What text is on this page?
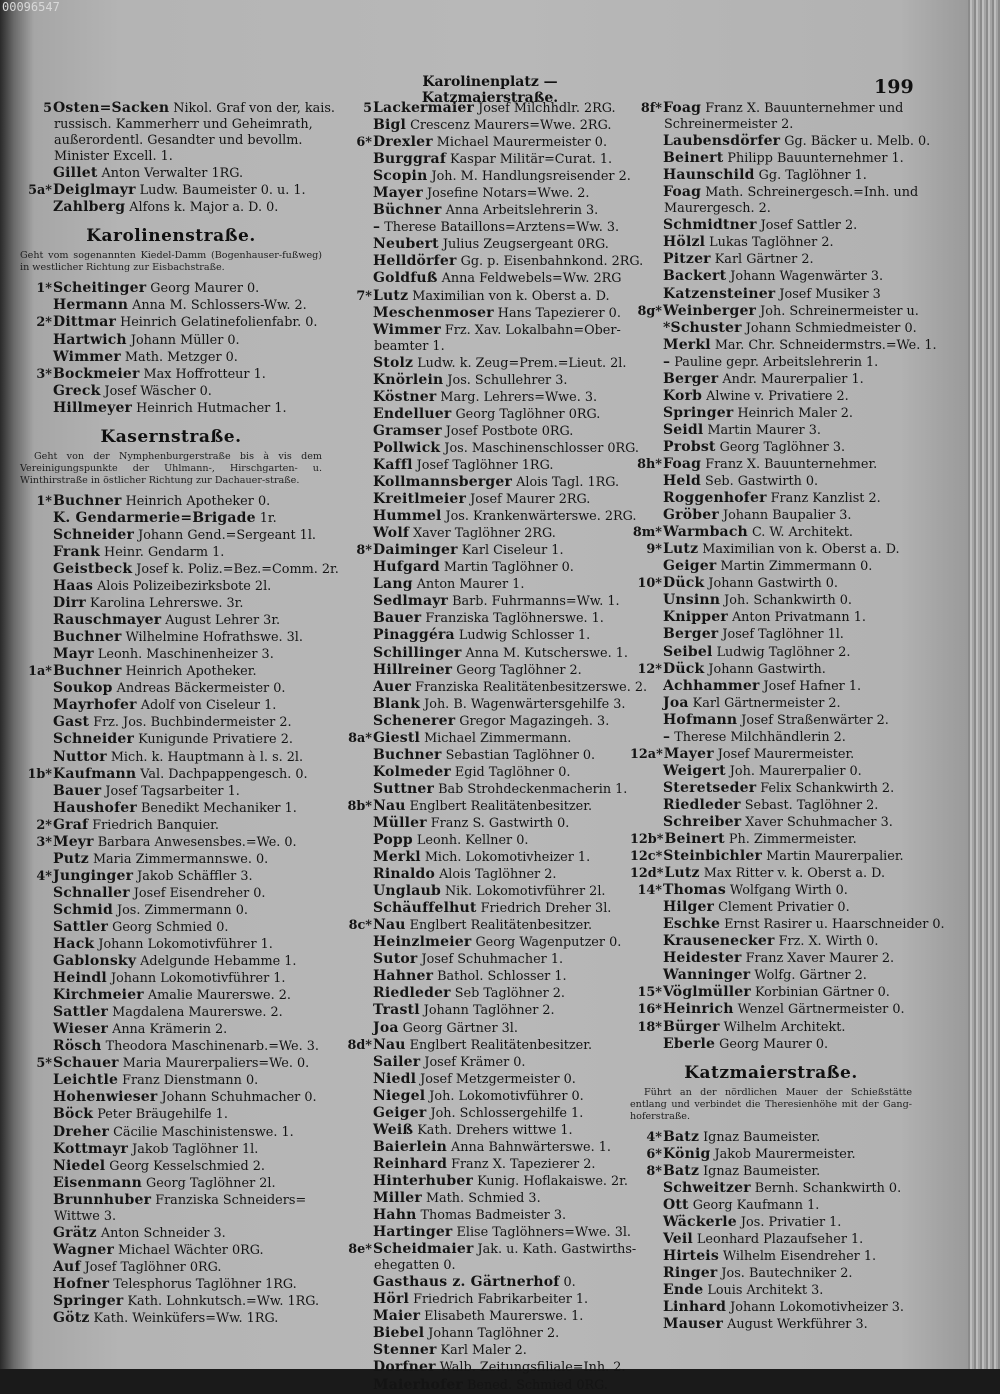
00096547
Karolinenplatz — Katzmaierstraße.	199
5Osten=Sacken Nikol. Graf von der, kais.
russisch. Kammerherr und Geheimrath,
außerordentl. Gesandter und bevollm.
Minister Excell. 1.
Gillet Anton Verwalter 1RG.
5a*Deiglmayr Ludw. Baumeister 0. u. 1.
Zahlberg Alfons k. Major a. D. 0.
Karolinenstraße.
Geht vom sogenannten Kiedel-Damm (Bogenhauser-fußweg) in westlicher Richtung zur Eisbachstraße.
1*Scheitinger Georg Maurer 0.
Hermann Anna M. Schlossers-Ww. 2.
2*Dittmar Heinrich Gelatinefolienfabr. 0.
Hartwich Johann Müller 0.
Wimmer Math. Metzger 0.
3*Bockmeier Max Hoffrotteur 1.
Greck Josef Wäscher 0.
Hillmeyer Heinrich Hutmacher 1.
Kasernstraße.
Geht von der Nymphenburgerstraße bis à vis dem Vereinigungspunkte der Uhlmann-, Hirschgarten- u. Winthirstraße in östlicher Richtung zur Dachauer-straße.
1*Buchner Heinrich Apotheker 0.
K. Gendarmerie=Brigade 1r.
Schneider Johann Gend.=Sergeant 1l.
Frank Heinr. Gendarm 1.
Geistbeck Josef k. Poliz.=Bez.=Comm. 2r.
Haas Alois Polizeibezirksbote 2l.
Dirr Karolina Lehrerswe. 3r.
Rauschmayer August Lehrer 3r.
Buchner Wilhelmine Hofrathswe. 3l.
Mayr Leonh. Maschinenheizer 3.
1a*Buchner Heinrich Apotheker.
Soukop Andreas Bäckermeister 0.
Mayrhofer Adolf von Ciseleur 1.
Gast Frz. Jos. Buchbindermeister 2.
Schneider Kunigunde Privatiere 2.
Nuttor Mich. k. Hauptmann à l. s. 2l.
1b*Kaufmann Val. Dachpappengesch. 0.
Bauer Josef Tagsarbeiter 1.
Haushofer Benedikt Mechaniker 1.
2*Graf Friedrich Banquier.
3*Meyr Barbara Anwesensbes.=We. 0.
Putz Maria Zimmermannswe. 0.
4*Junginger Jakob Schäffler 3.
Schnaller Josef Eisendreher 0.
Schmid Jos. Zimmermann 0.
Sattler Georg Schmied 0.
Hack Johann Lokomotivführer 1.
Gablonsky Adelgunde Hebamme 1.
Heindl Johann Lokomotivführer 1.
Kirchmeier Amalie Maurerswe. 2.
Sattler Magdalena Maurerswe. 2.
Wieser Anna Krämerin 2.
Rösch Theodora Maschinenarb.=We. 3.
5*Schauer Maria Maurerpaliers=We. 0.
Leichtle Franz Dienstmann 0.
Hohenwieser Johann Schuhmacher 0.
Böck Peter Bräugehilfe 1.
Dreher Cäcilie Maschinistenswe. 1.
Kottmayr Jakob Taglöhner 1l.
Niedel Georg Kesselschmied 2.
Eisenmann Georg Taglöhner 2l.
Brunnhuber Franziska Schneiders=
Wittwe 3.
Grätz Anton Schneider 3.
Wagner Michael Wächter 0RG.
Auf Josef Taglöhner 0RG.
Hofner Telesphorus Taglöhner 1RG.
Springer Kath. Lohnkutsch.=Ww. 1RG.
Götz Kath. Weinküfers=Ww. 1RG.
5Lackermaier Josef Milchhdlr. 2RG.
Bigl Crescenz Maurers=Wwe. 2RG.
6*Drexler Michael Maurermeister 0.
Burggraf Kaspar Militär=Curat. 1.
Scopin Joh. M. Handlungsreisender 2.
Mayer Josefine Notars=Wwe. 2.
Büchner Anna Arbeitslehrerin 3.
– Therese Bataillons=Arztens=Ww. 3.
Neubert Julius Zeugsergeant 0RG.
Helldörfer Gg. p. Eisenbahnkond. 2RG.
Goldfuß Anna Feldwebels=Ww. 2RG
7*Lutz Maximilian von k. Oberst a. D.
Meschenmoser Hans Tapezierer 0.
Wimmer Frz. Xav. Lokalbahn=Ober-
beamter 1.
Stolz Ludw. k. Zeug=Prem.=Lieut. 2l.
Knörlein Jos. Schullehrer 3.
Köstner Marg. Lehrers=Wwe. 3.
Endelluer Georg Taglöhner 0RG.
Gramser Josef Postbote 0RG.
Pollwick Jos. Maschinenschlosser 0RG.
Kaffl Josef Taglöhner 1RG.
Kollmannsberger Alois Tagl. 1RG.
Kreitlmeier Josef Maurer 2RG.
Hummel Jos. Krankenwärterswe. 2RG.
Wolf Xaver Taglöhner 2RG.
8*Daiminger Karl Ciseleur 1.
Hufgard Martin Taglöhner 0.
Lang Anton Maurer 1.
Sedlmayr Barb. Fuhrmanns=Ww. 1.
Bauer Franziska Taglöhnerswe. 1.
Pinaggéra Ludwig Schlosser 1.
Schillinger Anna M. Kutscherswe. 1.
Hillreiner Georg Taglöhner 2.
Auer Franziska Realitätenbesitzerswe. 2.
Blank Joh. B. Wagenwärtersgehilfe 3.
Schenerer Gregor Magazingeh. 3.
8a*Giestl Michael Zimmermann.
Buchner Sebastian Taglöhner 0.
Kolmeder Egid Taglöhner 0.
Suttner Bab Strohdeckenmacherin 1.
8b*Nau Englbert Realitätenbesitzer.
Müller Franz S. Gastwirth 0.
Popp Leonh. Kellner 0.
Merkl Mich. Lokomotivheizer 1.
Rinaldo Alois Taglöhner 2.
Unglaub Nik. Lokomotivführer 2l.
Schäuffelhut Friedrich Dreher 3l.
8c*Nau Englbert Realitätenbesitzer.
Heinzlmeier Georg Wagenputzer 0.
Sutor Josef Schuhmacher 1.
Hahner Bathol. Schlosser 1.
Riedleder Seb Taglöhner 2.
Trastl Johann Taglöhner 2.
Joa Georg Gärtner 3l.
8d*Nau Englbert Realitätenbesitzer.
Sailer Josef Krämer 0.
Niedl Josef Metzgermeister 0.
Niegel Joh. Lokomotivführer 0.
Geiger Joh. Schlossergehilfe 1.
Weiß Kath. Drehers wittwe 1.
Baierlein Anna Bahnwärterswe. 1.
Reinhard Franz X. Tapezierer 2.
Hinterhuber Kunig. Hoflakaiswe. 2r.
Miller Math. Schmied 3.
Hahn Thomas Badmeister 3.
Hartinger Elise Taglöhners=Wwe. 3l.
8e*Scheidmaier Jak. u. Kath. Gastwirths-
ehegatten 0.
Gasthaus z. Gärtnerhof 0.
Hörl Friedrich Fabrikarbeiter 1.
Maier Elisabeth Maurerswe. 1.
Biebel Johann Taglöhner 2.
Stenner Karl Maler 2.
Dorfner Walb. Zeitungsfiliale=Inh. 2.
Maierhofer Bened. Schmied 0RG.
8f*Foag Franz X. Bauunternehmer und
Schreinermeister 2.
Laubensdörfer Gg. Bäcker u. Melb. 0.
Beinert Philipp Bauunternehmer 1.
Haunschild Gg. Taglöhner 1.
Foag Math. Schreinergesch.=Inh. und
Maurergesch. 2.
Schmidtner Josef Sattler 2.
Hölzl Lukas Taglöhner 2.
Pitzer Karl Gärtner 2.
Backert Johann Wagenwärter 3.
Katzensteiner Josef Musiker 3
8g*Weinberger Joh. Schreinermeister u.
*Schuster Johann Schmiedmeister 0.
Merkl Mar. Chr. Schneidermstrs.=We. 1.
– Pauline gepr. Arbeitslehrerin 1.
Berger Andr. Maurerpalier 1.
Korb Alwine v. Privatiere 2.
Springer Heinrich Maler 2.
Seidl Martin Maurer 3.
Probst Georg Taglöhner 3.
8h*Foag Franz X. Bauunternehmer.
Held Seb. Gastwirth 0.
Roggenhofer Franz Kanzlist 2.
Gröber Johann Baupalier 3.
8m*Warmbach C. W. Architekt.
9*Lutz Maximilian von k. Oberst a. D.
Geiger Martin Zimmermann 0.
10*Dück Johann Gastwirth 0.
Unsinn Joh. Schankwirth 0.
Knipper Anton Privatmann 1.
Berger Josef Taglöhner 1l.
Seibel Ludwig Taglöhner 2.
12*Dück Johann Gastwirth.
Achhammer Josef Hafner 1.
Joa Karl Gärtnermeister 2.
Hofmann Josef Straßenwärter 2.
– Therese Milchhändlerin 2.
12a*Mayer Josef Maurermeister.
Weigert Joh. Maurerpalier 0.
Steretseder Felix Schankwirth 2.
Riedleder Sebast. Taglöhner 2.
Schreiber Xaver Schuhmacher 3.
12b*Beinert Ph. Zimmermeister.
12c*Steinbichler Martin Maurerpalier.
12d*Lutz Max Ritter v. k. Oberst a. D.
14*Thomas Wolfgang Wirth 0.
Hilger Clement Privatier 0.
Eschke Ernst Rasirer u. Haarschneider 0.
Krausenecker Frz. X. Wirth 0.
Heidester Franz Xaver Maurer 2.
Wanninger Wolfg. Gärtner 2.
15*Vöglmüller Korbinian Gärtner 0.
16*Heinrich Wenzel Gärtnermeister 0.
18*Bürger Wilhelm Architekt.
Eberle Georg Maurer 0.
Katzmaierstraße.
Führt an der nördlichen Mauer der Schießstätte entlang und verbindet die Theresienhöhe mit der Gang-hoferstraße.
4*Batz Ignaz Baumeister.
6*König Jakob Maurermeister.
8*Batz Ignaz Baumeister.
Schweitzer Bernh. Schankwirth 0.
Ott Georg Kaufmann 1.
Wäckerle Jos. Privatier 1.
Veil Leonhard Plazaufseher 1.
Hirteis Wilhelm Eisendreher 1.
Ringer Jos. Bautechniker 2.
Ende Louis Architekt 3.
Linhard Johann Lokomotivheizer 3.
Mauser August Werkführer 3.
